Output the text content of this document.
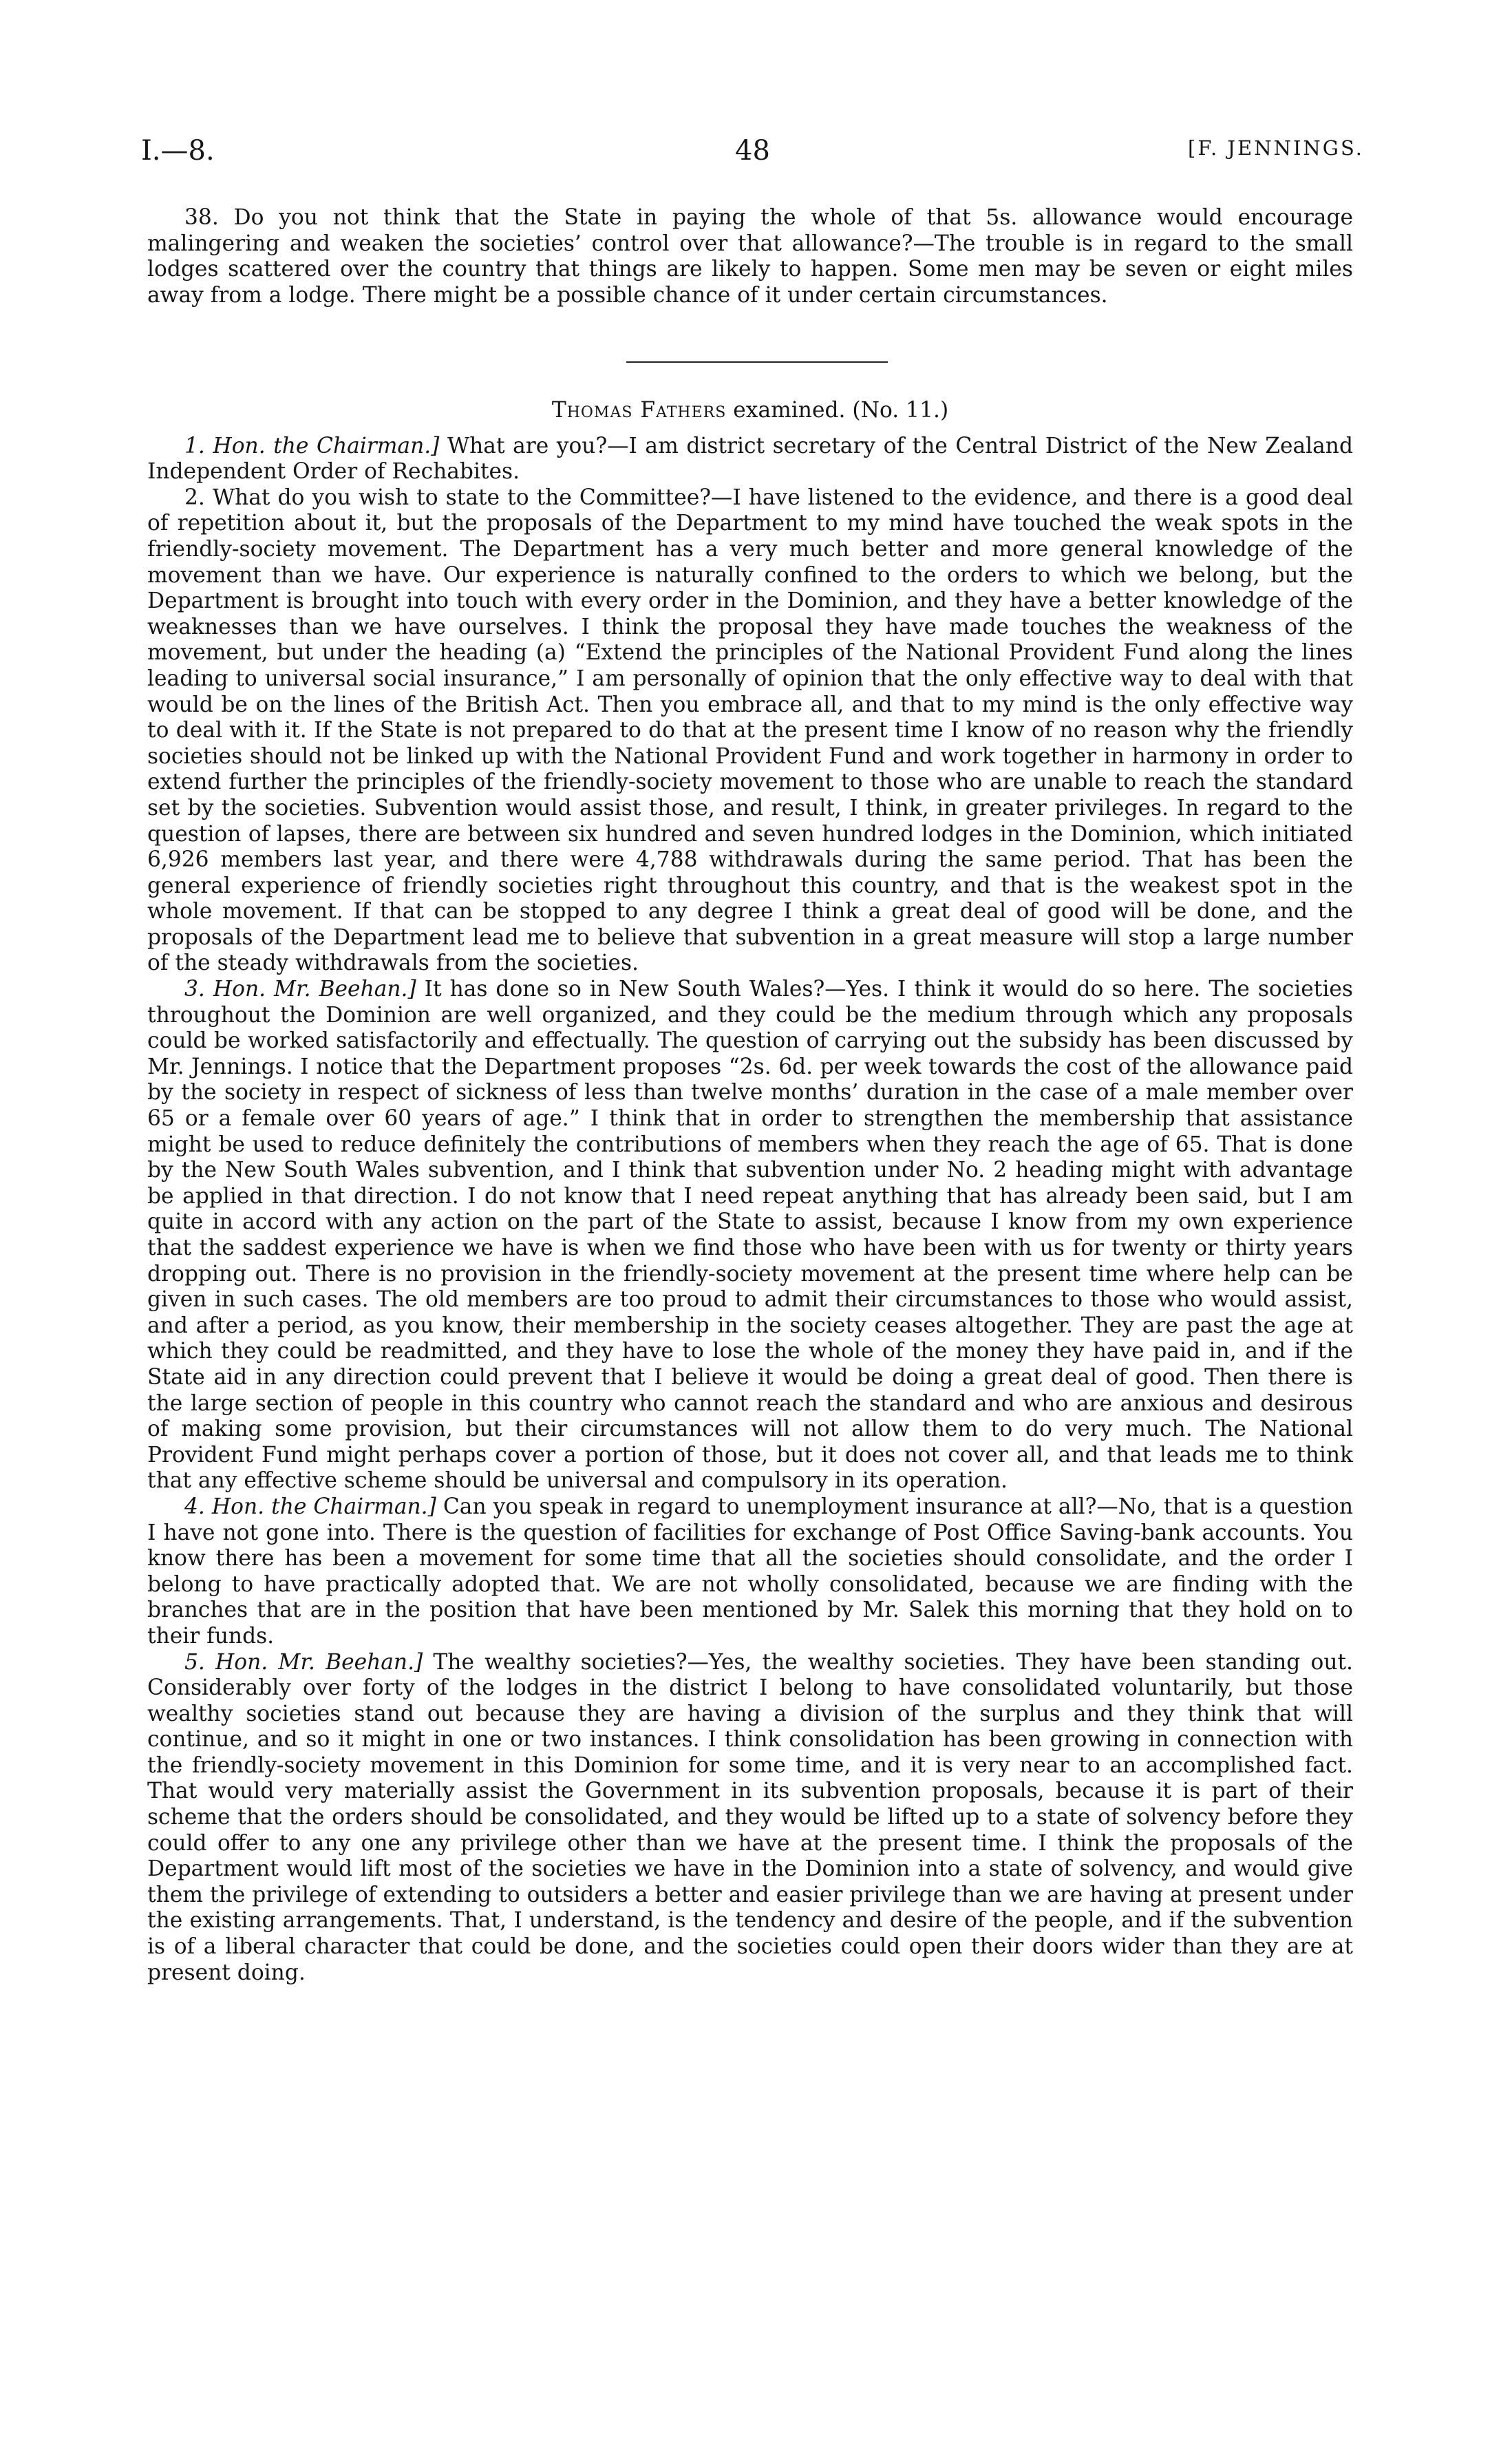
I.—8.	48	[F. JENNINGS.

38. Do you not think that the State in paying the whole of that 5s. allowance would encourage malingering and weaken the societies’ control over that allowance?—The trouble is in regard to the small lodges scattered over the country that things are likely to happen. Some men may be seven or eight miles away from a lodge. There might be a possible chance of it under certain circumstances.

Thomas Fathers examined. (No. 11.)

1. Hon. the Chairman.] What are you?—I am district secretary of the Central District of the New Zealand Independent Order of Rechabites.

2. What do you wish to state to the Committee?—I have listened to the evidence, and there is a good deal of repetition about it, but the proposals of the Department to my mind have touched the weak spots in the friendly-society movement. The Department has a very much better and more general knowledge of the movement than we have. Our experience is naturally confined to the orders to which we belong, but the Department is brought into touch with every order in the Dominion, and they have a better knowledge of the weaknesses than we have ourselves. I think the proposal they have made touches the weakness of the movement, but under the heading (a) “Extend the principles of the National Provident Fund along the lines leading to universal social insurance,” I am personally of opinion that the only effective way to deal with that would be on the lines of the British Act. Then you embrace all, and that to my mind is the only effective way to deal with it. If the State is not prepared to do that at the present time I know of no reason why the friendly societies should not be linked up with the National Provident Fund and work together in harmony in order to extend further the principles of the friendly-society movement to those who are unable to reach the standard set by the societies. Subvention would assist those, and result, I think, in greater privileges. In regard to the question of lapses, there are between six hundred and seven hundred lodges in the Dominion, which initiated 6,926 members last year, and there were 4,788 withdrawals during the same period. That has been the general experience of friendly societies right throughout this country, and that is the weakest spot in the whole movement. If that can be stopped to any degree I think a great deal of good will be done, and the proposals of the Department lead me to believe that subvention in a great measure will stop a large number of the steady withdrawals from the societies.

3. Hon. Mr. Beehan.] It has done so in New South Wales?—Yes. I think it would do so here. The societies throughout the Dominion are well organized, and they could be the medium through which any proposals could be worked satisfactorily and effectually. The question of carrying out the subsidy has been discussed by Mr. Jennings. I notice that the Department proposes “2s. 6d. per week towards the cost of the allowance paid by the society in respect of sickness of less than twelve months’ duration in the case of a male member over 65 or a female over 60 years of age.” I think that in order to strengthen the membership that assistance might be used to reduce definitely the contributions of members when they reach the age of 65. That is done by the New South Wales subvention, and I think that subvention under No. 2 heading might with advantage be applied in that direction. I do not know that I need repeat anything that has already been said, but I am quite in accord with any action on the part of the State to assist, because I know from my own experience that the saddest experience we have is when we find those who have been with us for twenty or thirty years dropping out. There is no provision in the friendly-society movement at the present time where help can be given in such cases. The old members are too proud to admit their circumstances to those who would assist, and after a period, as you know, their membership in the society ceases altogether. They are past the age at which they could be readmitted, and they have to lose the whole of the money they have paid in, and if the State aid in any direction could prevent that I believe it would be doing a great deal of good. Then there is the large section of people in this country who cannot reach the standard and who are anxious and desirous of making some provision, but their circumstances will not allow them to do very much. The National Provident Fund might perhaps cover a portion of those, but it does not cover all, and that leads me to think that any effective scheme should be universal and compulsory in its operation.

4. Hon. the Chairman.] Can you speak in regard to unemployment insurance at all?—No, that is a question I have not gone into. There is the question of facilities for exchange of Post Office Saving-bank accounts. You know there has been a movement for some time that all the societies should consolidate, and the order I belong to have practically adopted that. We are not wholly consolidated, because we are finding with the branches that are in the position that have been mentioned by Mr. Salek this morning that they hold on to their funds.

5. Hon. Mr. Beehan.] The wealthy societies?—Yes, the wealthy societies. They have been standing out. Considerably over forty of the lodges in the district I belong to have consolidated voluntarily, but those wealthy societies stand out because they are having a division of the surplus and they think that will continue, and so it might in one or two instances. I think consolidation has been growing in connection with the friendly-society movement in this Dominion for some time, and it is very near to an accomplished fact. That would very materially assist the Government in its subvention proposals, because it is part of their scheme that the orders should be consolidated, and they would be lifted up to a state of solvency before they could offer to any one any privilege other than we have at the present time. I think the proposals of the Department would lift most of the societies we have in the Dominion into a state of solvency, and would give them the privilege of extending to outsiders a better and easier privilege than we are having at present under the existing arrangements. That, I understand, is the tendency and desire of the people, and if the subvention is of a liberal character that could be done, and the societies could open their doors wider than they are at present doing.
